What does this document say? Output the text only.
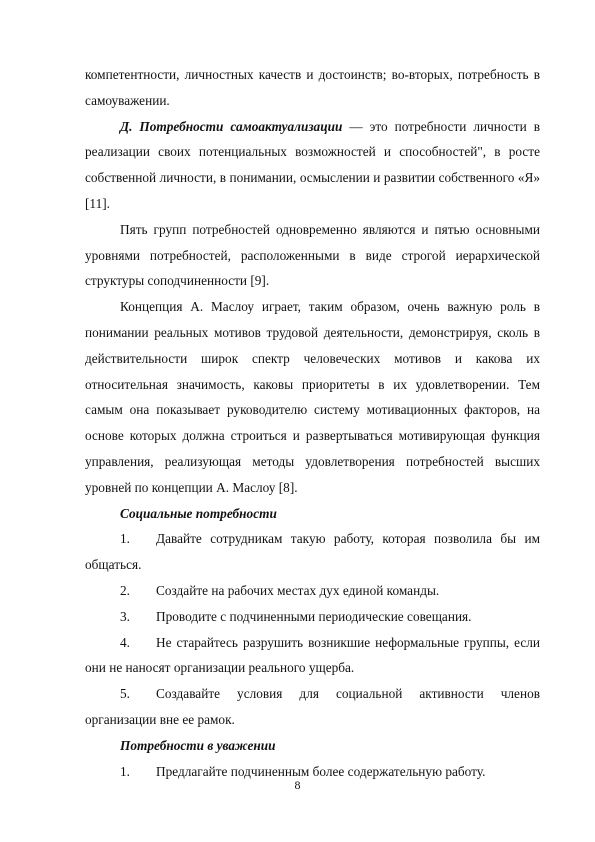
компетентности, личностных качеств и достоинств; во-вторых, потребность в самоуважении.

Д. Потребности самоактуализации — это потребности личности в реализации своих потенциальных возможностей и способностей", в росте собственной личности, в понимании, осмыслении и развитии собственного «Я» [11].

Пять групп потребностей одновременно являются и пятью основными уровнями потребностей, расположенными в виде строгой иерархической структуры соподчиненности [9].

Концепция А. Маслоу играет, таким образом, очень важную роль в понимании реальных мотивов трудовой деятельности, демонстрируя, сколь в действительности широк спектр человеческих мотивов и какова их относительная значимость, каковы приоритеты в их удовлетворении. Тем самым она показывает руководителю систему мотивационных факторов, на основе которых должна строиться и развертываться мотивирующая функция управления, реализующая методы удовлетворения потребностей высших уровней по концепции А. Маслоу [8].

Социальные потребности

1. Давайте сотрудникам такую работу, которая позволила бы им общаться.

2. Создайте на рабочих местах дух единой команды.

3. Проводите с подчиненными периодические совещания.

4. Не старайтесь разрушить возникшие неформальные группы, если они не наносят организации реального ущерба.

5. Создавайте условия для социальной активности членов организации вне ее рамок.

Потребности в уважении

1. Предлагайте подчиненным более содержательную работу.

8
